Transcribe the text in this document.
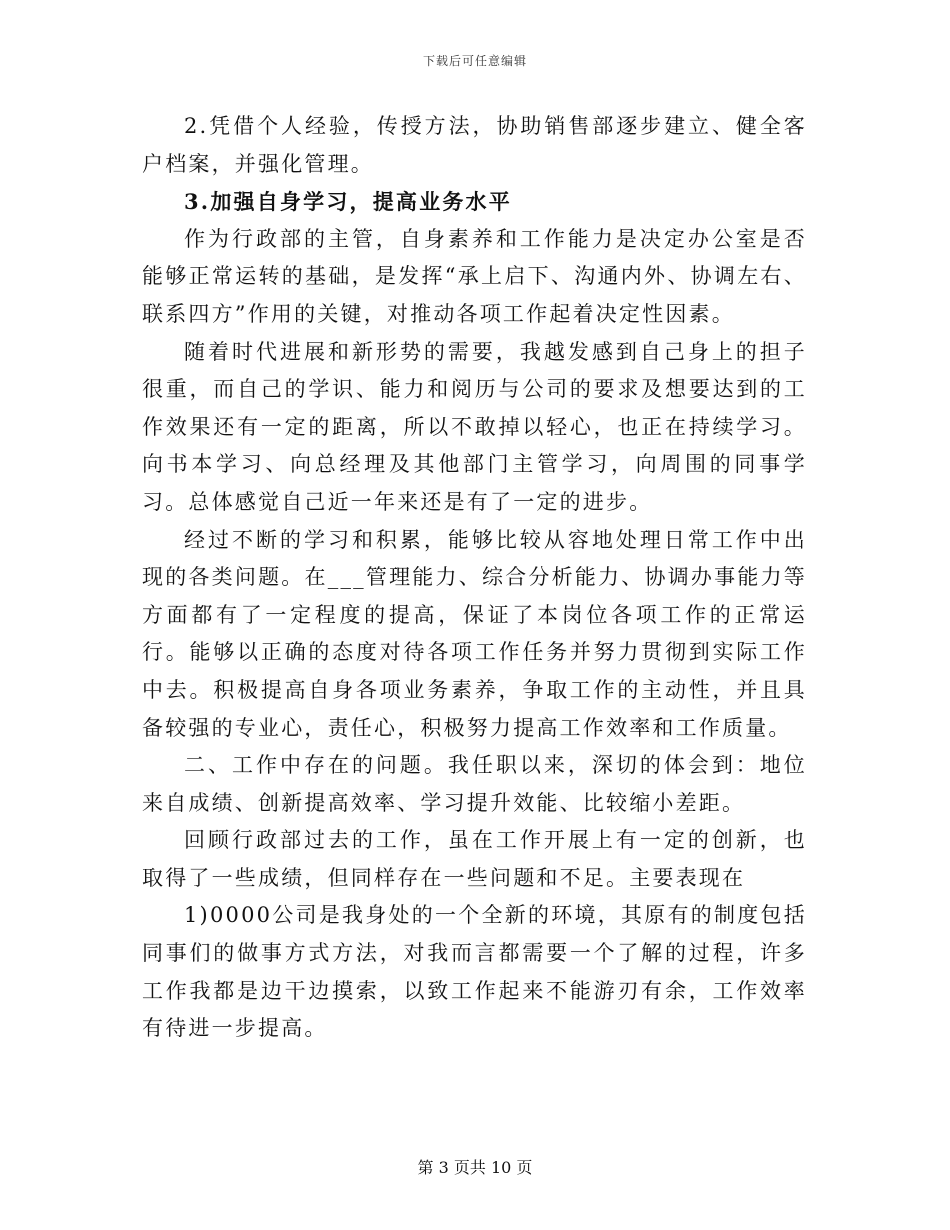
下载后可任意编辑

2.凭借个人经验，传授方法，协助销售部逐步建立、健全客户档案，并强化管理。

3.加强自身学习，提高业务水平

作为行政部的主管，自身素养和工作能力是决定办公室是否能够正常运转的基础，是发挥“承上启下、沟通内外、协调左右、联系四方”作用的关键，对推动各项工作起着决定性因素。

随着时代进展和新形势的需要，我越发感到自己身上的担子很重，而自己的学识、能力和阅历与公司的要求及想要达到的工作效果还有一定的距离，所以不敢掉以轻心，也正在持续学习。向书本学习、向总经理及其他部门主管学习，向周围的同事学习。总体感觉自己近一年来还是有了一定的进步。

经过不断的学习和积累，能够比较从容地处理日常工作中出现的各类问题。在___管理能力、综合分析能力、协调办事能力等方面都有了一定程度的提高，保证了本岗位各项工作的正常运行。能够以正确的态度对待各项工作任务并努力贯彻到实际工作中去。积极提高自身各项业务素养，争取工作的主动性，并且具备较强的专业心，责任心，积极努力提高工作效率和工作质量。

二、工作中存在的问题。我任职以来，深切的体会到：地位来自成绩、创新提高效率、学习提升效能、比较缩小差距。

回顾行政部过去的工作，虽在工作开展上有一定的创新，也取得了一些成绩，但同样存在一些问题和不足。主要表现在

1)0000公司是我身处的一个全新的环境，其原有的制度包括同事们的做事方式方法，对我而言都需要一个了解的过程，许多工作我都是边干边摸索，以致工作起来不能游刃有余，工作效率有待进一步提高。

第 3 页共 10 页
